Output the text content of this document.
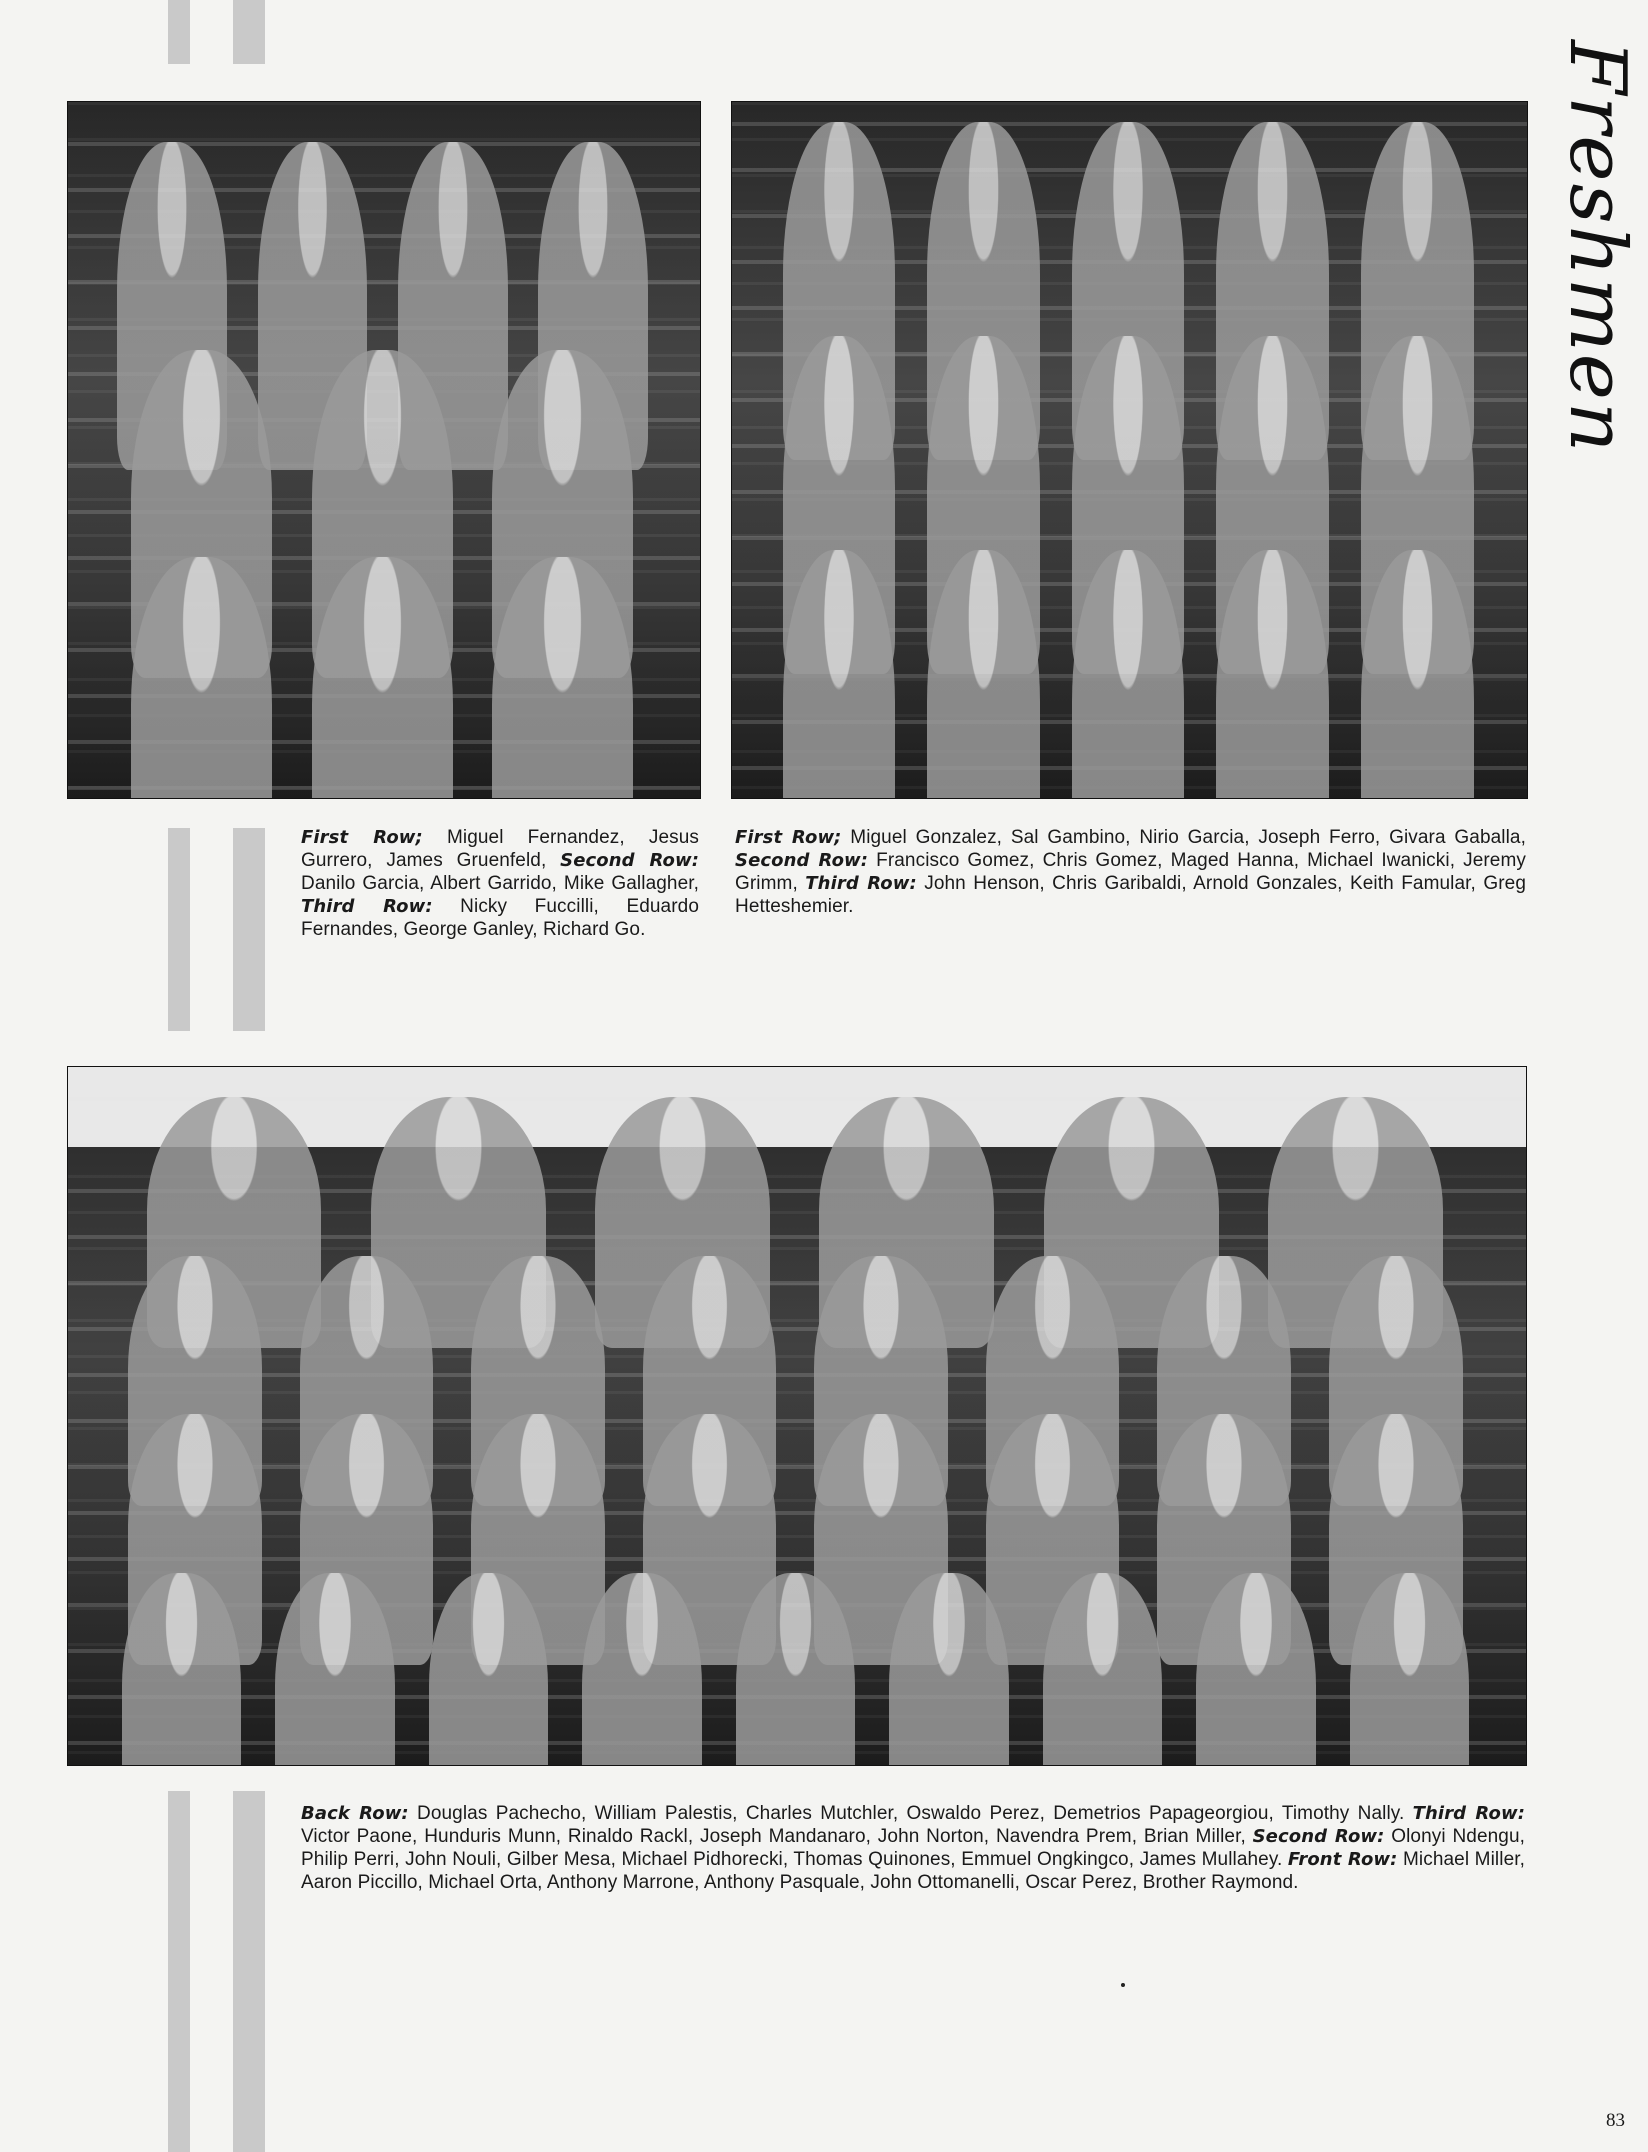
Freshmen
First Row; Miguel Fernandez, Jesus Gurrero, James Gruenfeld, Second Row: Danilo Garcia, Albert Garrido, Mike Gallagher, Third Row: Nicky Fuccilli, Eduardo Fernandes, George Ganley, Richard Go.
First Row; Miguel Gonzalez, Sal Gambino, Nirio Garcia, Joseph Ferro, Givara Gaballa, Second Row: Francisco Gomez, Chris Gomez, Maged Hanna, Michael Iwanicki, Jeremy Grimm, Third Row: John Henson, Chris Garibaldi, Arnold Gonzales, Keith Famular, Greg Hetteshemier.
Back Row: Douglas Pachecho, William Palestis, Charles Mutchler, Oswaldo Perez, Demetrios Papageorgiou, Timothy Nally. Third Row: Victor Paone, Hunduris Munn, Rinaldo Rackl, Joseph Mandanaro, John Norton, Navendra Prem, Brian Miller, Second Row: Olonyi Ndengu, Philip Perri, John Nouli, Gilber Mesa, Michael Pidhorecki, Thomas Quinones, Emmuel Ongkingco, James Mullahey. Front Row: Michael Miller, Aaron Piccillo, Michael Orta, Anthony Marrone, Anthony Pasquale, John Ottomanelli, Oscar Perez, Brother Raymond.
83
